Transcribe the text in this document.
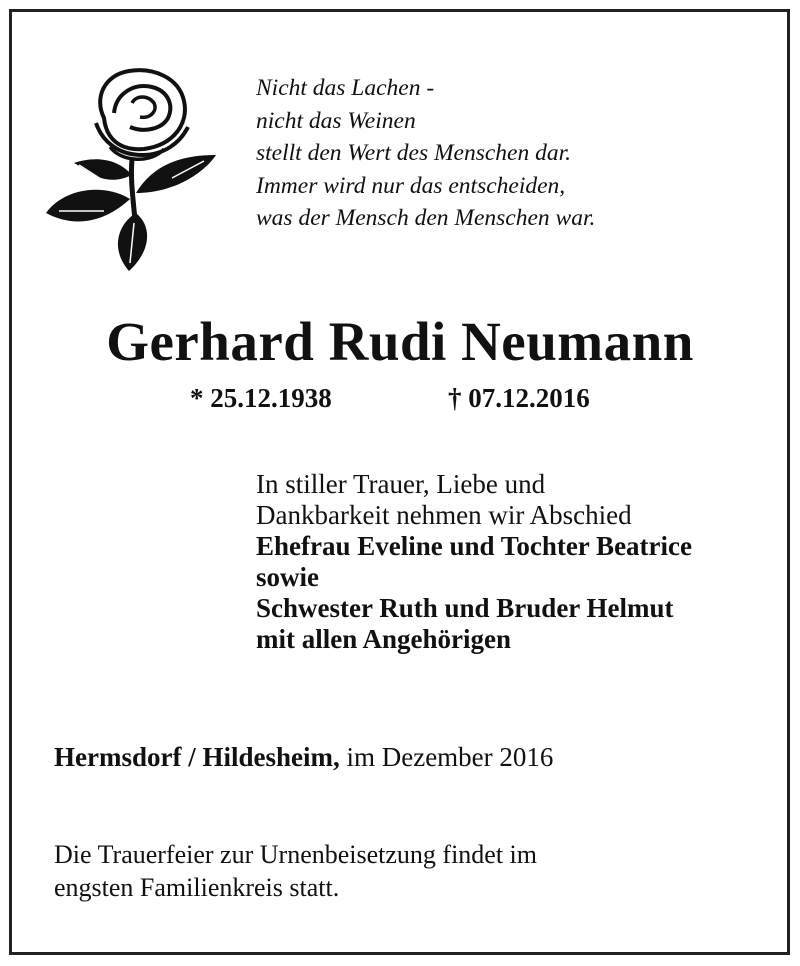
Nicht das Lachen -
nicht das Weinen
stellt den Wert des Menschen dar.
Immer wird nur das entscheiden,
was der Mensch den Menschen war.
Gerhard Rudi Neumann
* 25.12.1938	† 07.12.2016
In stiller Trauer, Liebe und
Dankbarkeit nehmen wir Abschied
Ehefrau Eveline und Tochter Beatrice
sowie
Schwester Ruth und Bruder Helmut
mit allen Angehörigen
Hermsdorf / Hildesheim, im Dezember 2016
Die Trauerfeier zur Urnenbeisetzung findet im
engsten Familienkreis statt.
